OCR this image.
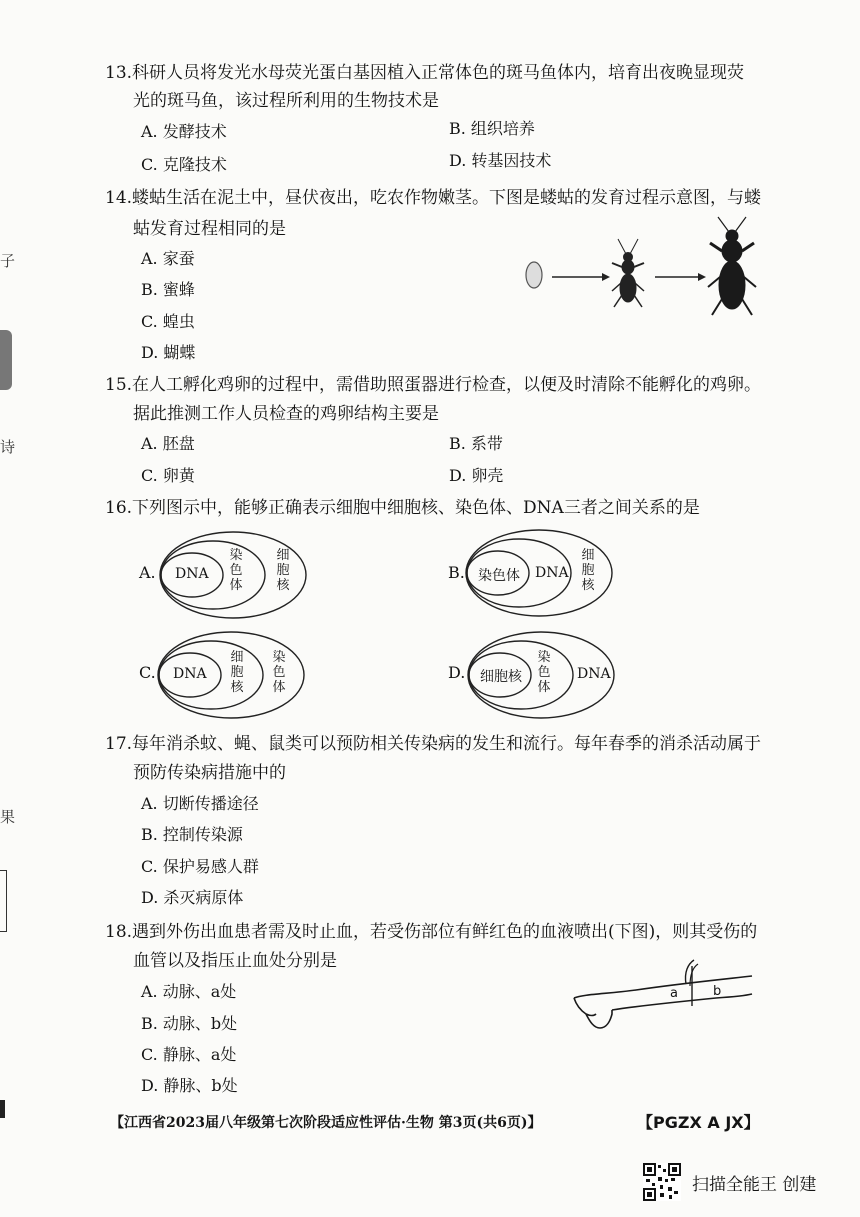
子
诗
果
13.科研人员将发光水母荧光蛋白基因植入正常体色的斑马鱼体内，培育出夜晚显现荧
光的斑马鱼，该过程所利用的生物技术是
A. 发酵技术	B. 组织培养
C. 克隆技术	D. 转基因技术
14.蝼蛄生活在泥土中，昼伏夜出，吃农作物嫩茎。下图是蝼蛄的发育过程示意图，与蝼
蛄发育过程相同的是
A. 家蚕
B. 蜜蜂
C. 蝗虫
D. 蝴蝶
15.在人工孵化鸡卵的过程中，需借助照蛋器进行检查，以便及时清除不能孵化的鸡卵。
据此推测工作人员检查的鸡卵结构主要是
A. 胚盘	B. 系带
C. 卵黄	D. 卵壳
16.下列图示中，能够正确表示细胞中细胞核、染色体、DNA三者之间关系的是
A. DNA
染色体
细胞核
B. 染色体 DNA
细胞核
C. DNA
细胞核
染色体
D. 细胞核
染色体
DNA
17.每年消杀蚊、蝇、鼠类可以预防相关传染病的发生和流行。每年春季的消杀活动属于
预防传染病措施中的
A. 切断传播途径
B. 控制传染源
C. 保护易感人群
D. 杀灭病原体
18.遇到外伤出血患者需及时止血，若受伤部位有鲜红色的血液喷出(下图)，则其受伤的
血管以及指压止血处分别是
A. 动脉、a处
B. 动脉、b处
C. 静脉、a处
D. 静脉、b处
a	b
【江西省2023届八年级第七次阶段适应性评估·生物 第3页(共6页)】	【PGZX A JX】
扫描全能王 创建
